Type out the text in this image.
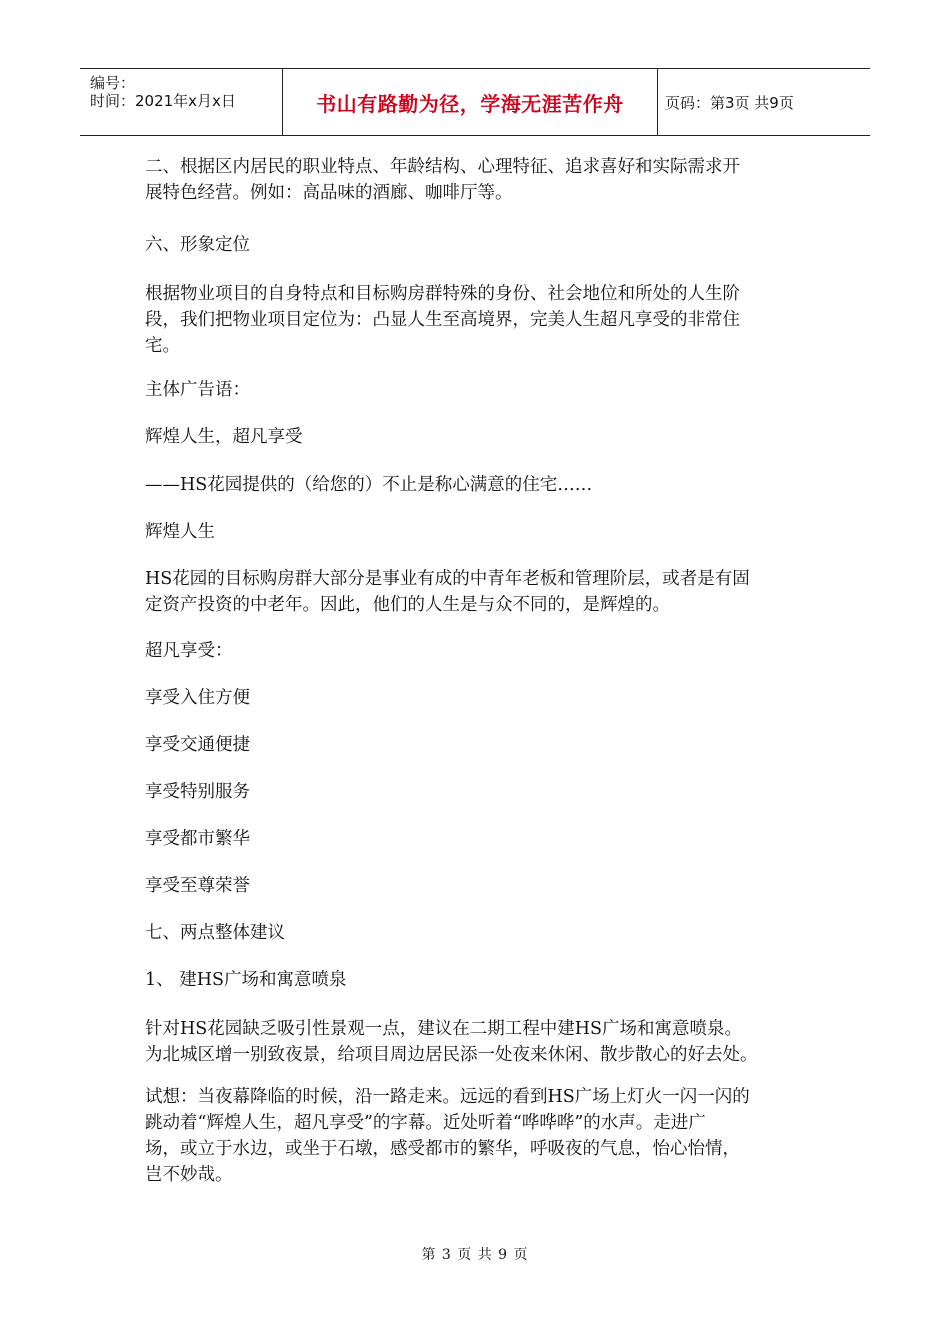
编号：
时间：2021年x月x日	书山有路勤为径，学海无涯苦作舟	页码：第3页 共9页

二、根据区内居民的职业特点、年龄结构、心理特征、追求喜好和实际需求开

展特色经营。例如：高品味的酒廊、咖啡厅等。

六、形象定位

根据物业项目的自身特点和目标购房群特殊的身份、社会地位和所处的人生阶

段，我们把物业项目定位为：凸显人生至高境界，完美人生超凡享受的非常住

宅。

主体广告语：

辉煌人生，超凡享受

——HS花园提供的（给您的）不止是称心满意的住宅……

辉煌人生

HS花园的目标购房群大部分是事业有成的中青年老板和管理阶层，或者是有固

定资产投资的中老年。因此，他们的人生是与众不同的，是辉煌的。

超凡享受：

享受入住方便

享受交通便捷

享受特别服务

享受都市繁华

享受至尊荣誉

七、两点整体建议

1、 建HS广场和寓意喷泉

针对HS花园缺乏吸引性景观一点，建议在二期工程中建HS广场和寓意喷泉。

为北城区增一别致夜景，给项目周边居民添一处夜来休闲、散步散心的好去处。

试想：当夜幕降临的时候，沿一路走来。远远的看到HS广场上灯火一闪一闪的

跳动着“辉煌人生，超凡享受”的字幕。近处听着“哗哗哗”的水声。走进广

场，或立于水边，或坐于石墩，感受都市的繁华，呼吸夜的气息，怡心怡情，

岂不妙哉。

第 3 页 共 9 页
